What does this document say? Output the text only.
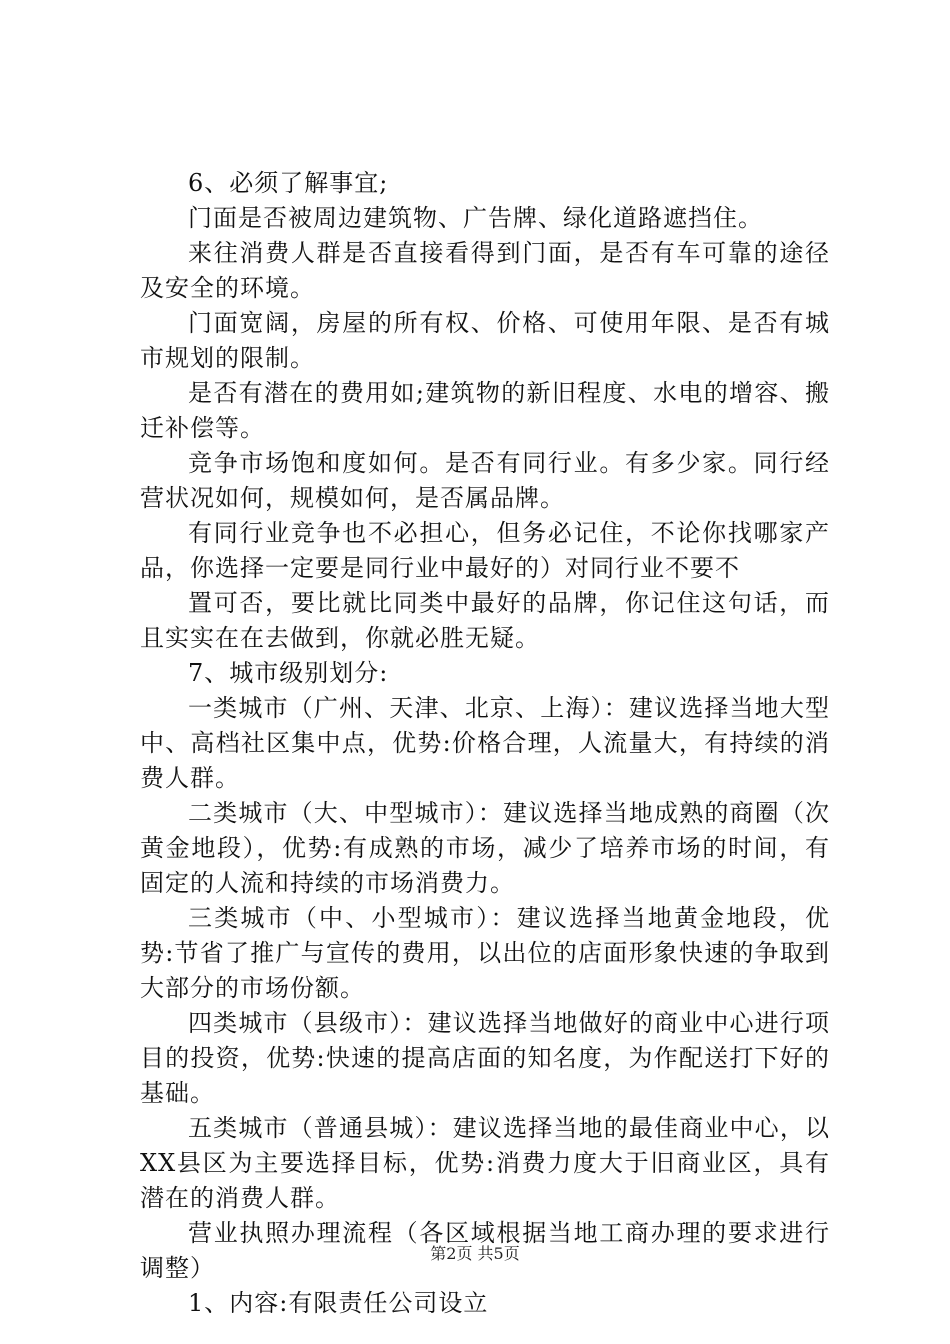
6、必须了解事宜;

门面是否被周边建筑物、广告牌、绿化道路遮挡住。

来往消费人群是否直接看得到门面，是否有车可靠的途径及安全的环境。

门面宽阔，房屋的所有权、价格、可使用年限、是否有城市规划的限制。

是否有潜在的费用如;建筑物的新旧程度、水电的增容、搬迁补偿等。

竞争市场饱和度如何。是否有同行业。有多少家。同行经营状况如何，规模如何，是否属品牌。

有同行业竞争也不必担心，但务必记住，不论你找哪家产品，你选择一定要是同行业中最好的）对同行业不要不

置可否，要比就比同类中最好的品牌，你记住这句话，而且实实在在去做到，你就必胜无疑。

7、城市级别划分:

一类城市（广州、天津、北京、上海）：建议选择当地大型中、高档社区集中点，优势:价格合理，人流量大，有持续的消费人群。

二类城市（大、中型城市）：建议选择当地成熟的商圈（次黄金地段），优势:有成熟的市场，减少了培养市场的时间，有固定的人流和持续的市场消费力。

三类城市（中、小型城市）：建议选择当地黄金地段，优势:节省了推广与宣传的费用，以出位的店面形象快速的争取到大部分的市场份额。

四类城市（县级市）：建议选择当地做好的商业中心进行项目的投资，优势:快速的提高店面的知名度，为作配送打下好的基础。

五类城市（普通县城）：建议选择当地的最佳商业中心，以XX县区为主要选择目标，优势:消费力度大于旧商业区，具有潜在的消费人群。

营业执照办理流程（各区域根据当地工商办理的要求进行调整）

1、内容:有限责任公司设立

第2页 共5页
